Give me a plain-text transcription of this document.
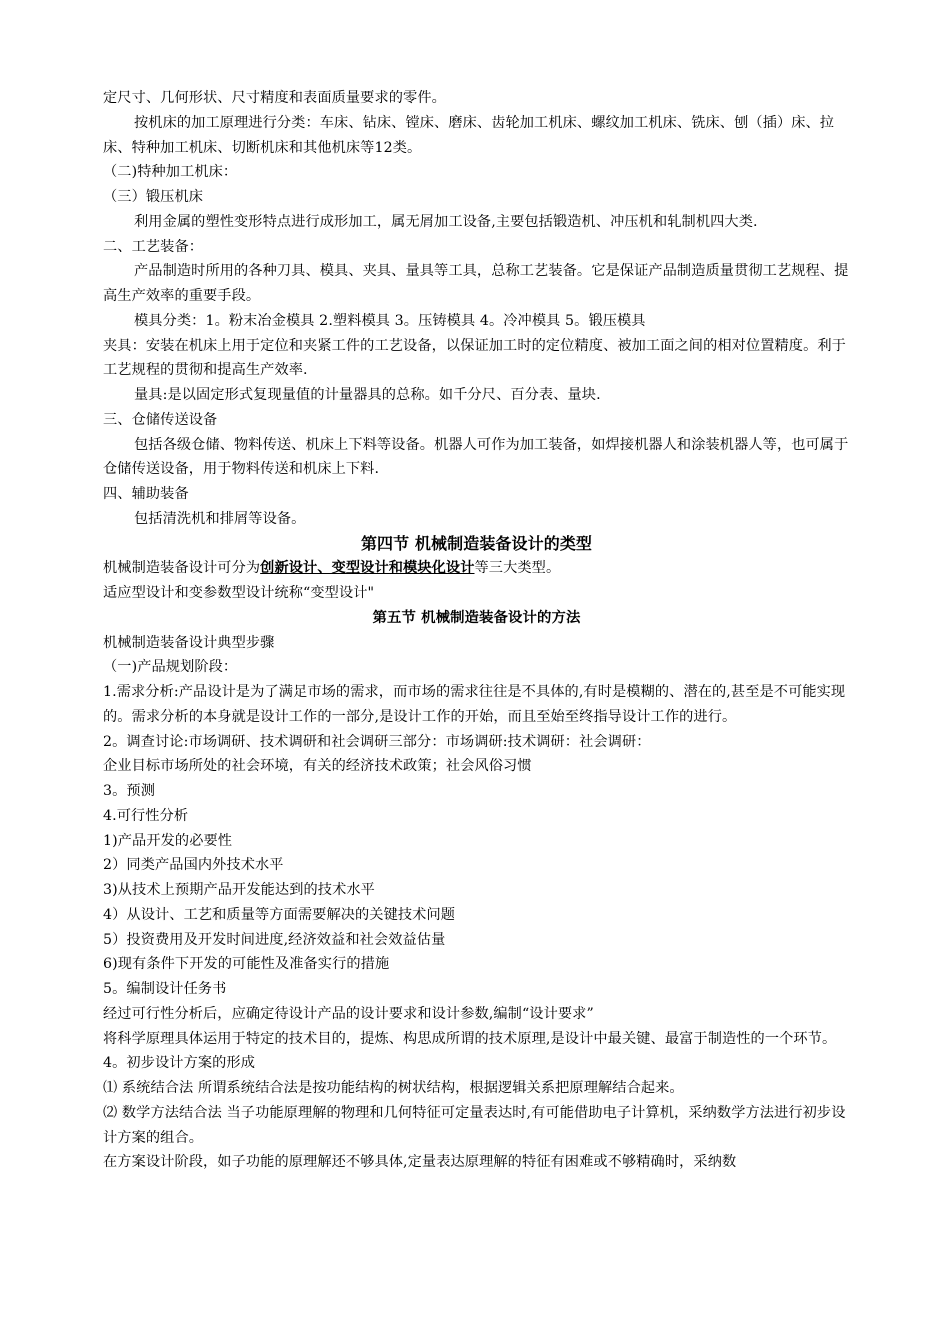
定尺寸、几何形状、尺寸精度和表面质量要求的零件。

按机床的加工原理进行分类：车床、钻床、镗床、磨床、齿轮加工机床、螺纹加工机床、铣床、刨（插）床、拉床、特种加工机床、切断机床和其他机床等12类。

（二)特种加工机床：

（三）锻压机床

利用金属的塑性变形特点进行成形加工，属无屑加工设备,主要包括锻造机、冲压机和轧制机四大类.

二、工艺装备：

产品制造时所用的各种刀具、模具、夹具、量具等工具，总称工艺装备。它是保证产品制造质量贯彻工艺规程、提高生产效率的重要手段。

模具分类：1。粉末冶金模具 2.塑料模具 3。压铸模具 4。冷冲模具 5。锻压模具

夹具：安装在机床上用于定位和夹紧工件的工艺设备，以保证加工时的定位精度、被加工面之间的相对位置精度。利于工艺规程的贯彻和提高生产效率.

量具:是以固定形式复现量值的计量器具的总称。如千分尺、百分表、量块.

三、仓储传送设备

包括各级仓储、物料传送、机床上下料等设备。机器人可作为加工装备，如焊接机器人和涂装机器人等，也可属于仓储传送设备，用于物料传送和机床上下料.

四、辅助装备

包括清洗机和排屑等设备。

第四节 机械制造装备设计的类型

机械制造装备设计可分为创新设计、变型设计和模块化设计等三大类型。

适应型设计和变参数型设计统称“变型设计"

第五节 机械制造装备设计的方法

机械制造装备设计典型步骤

（一)产品规划阶段：

1.需求分析:产品设计是为了满足市场的需求，而市场的需求往往是不具体的,有时是模糊的、潜在的,甚至是不可能实现的。需求分析的本身就是设计工作的一部分,是设计工作的开始，而且至始至终指导设计工作的进行。

2。调查讨论:市场调研、技术调研和社会调研三部分：市场调研:技术调研：社会调研：

企业目标市场所处的社会环境，有关的经济技术政策；社会风俗习惯

3。预测

4.可行性分析

1)产品开发的必要性

2）同类产品国内外技术水平

3)从技术上预期产品开发能达到的技术水平

4）从设计、工艺和质量等方面需要解决的关键技术问题

5）投资费用及开发时间进度,经济效益和社会效益估量

6)现有条件下开发的可能性及准备实行的措施

5。编制设计任务书

经过可行性分析后，应确定待设计产品的设计要求和设计参数,编制“设计要求”

将科学原理具体运用于特定的技术目的，提炼、构思成所谓的技术原理,是设计中最关键、最富于制造性的一个环节。

4。初步设计方案的形成

⑴ 系统结合法 所谓系统结合法是按功能结构的树状结构，根据逻辑关系把原理解结合起来。

⑵ 数学方法结合法 当子功能原理解的物理和几何特征可定量表达时,有可能借助电子计算机，采纳数学方法进行初步设计方案的组合。

在方案设计阶段，如子功能的原理解还不够具体,定量表达原理解的特征有困难或不够精确时，采纳数
